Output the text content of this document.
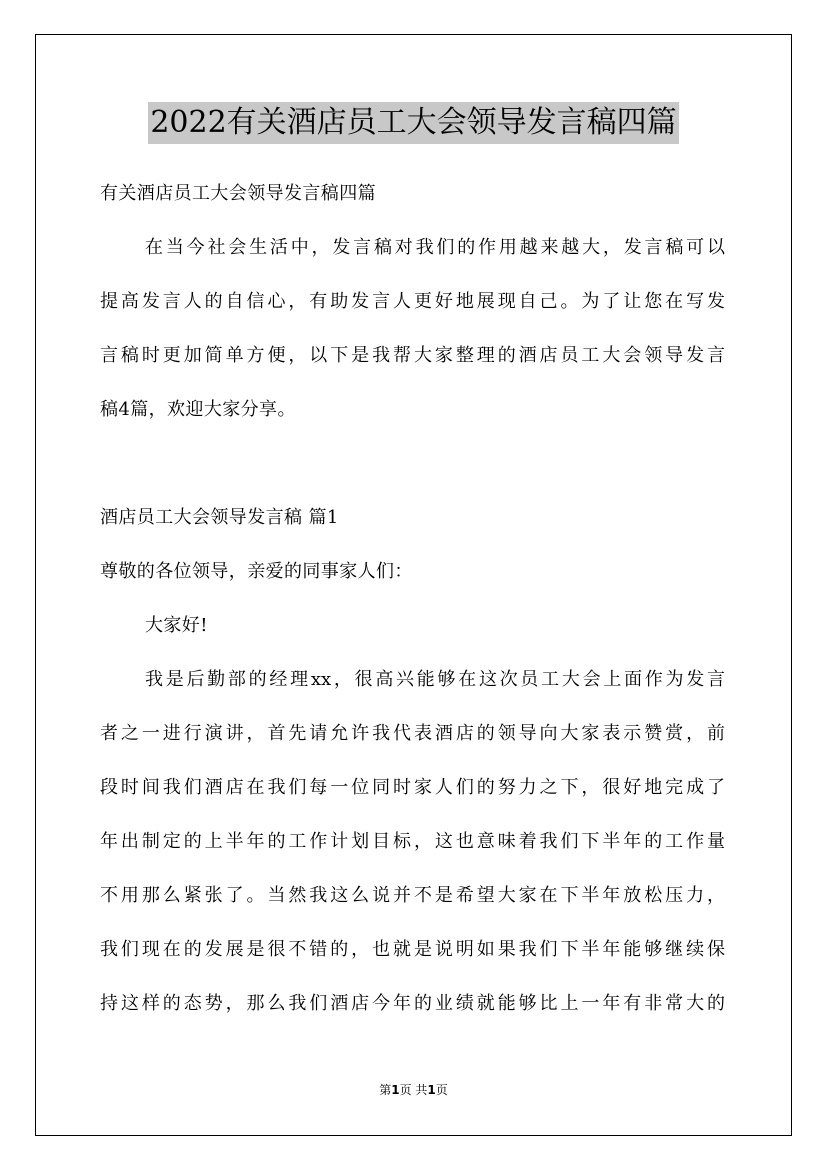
2022有关酒店员工大会领导发言稿四篇
有关酒店员工大会领导发言稿四篇
在当今社会生活中，发言稿对我们的作用越来越大，发言稿可以
提高发言人的自信心，有助发言人更好地展现自己。为了让您在写发
言稿时更加简单方便，以下是我帮大家整理的酒店员工大会领导发言
稿4篇，欢迎大家分享。
酒店员工大会领导发言稿 篇1
尊敬的各位领导，亲爱的同事家人们：
大家好!
我是后勤部的经理xx，很高兴能够在这次员工大会上面作为发言
者之一进行演讲，首先请允许我代表酒店的领导向大家表示赞赏，前
段时间我们酒店在我们每一位同时家人们的努力之下，很好地完成了
年出制定的上半年的工作计划目标，这也意味着我们下半年的工作量
不用那么紧张了。当然我这么说并不是希望大家在下半年放松压力，
我们现在的发展是很不错的，也就是说明如果我们下半年能够继续保
持这样的态势，那么我们酒店今年的业绩就能够比上一年有非常大的
第1页 共1页
